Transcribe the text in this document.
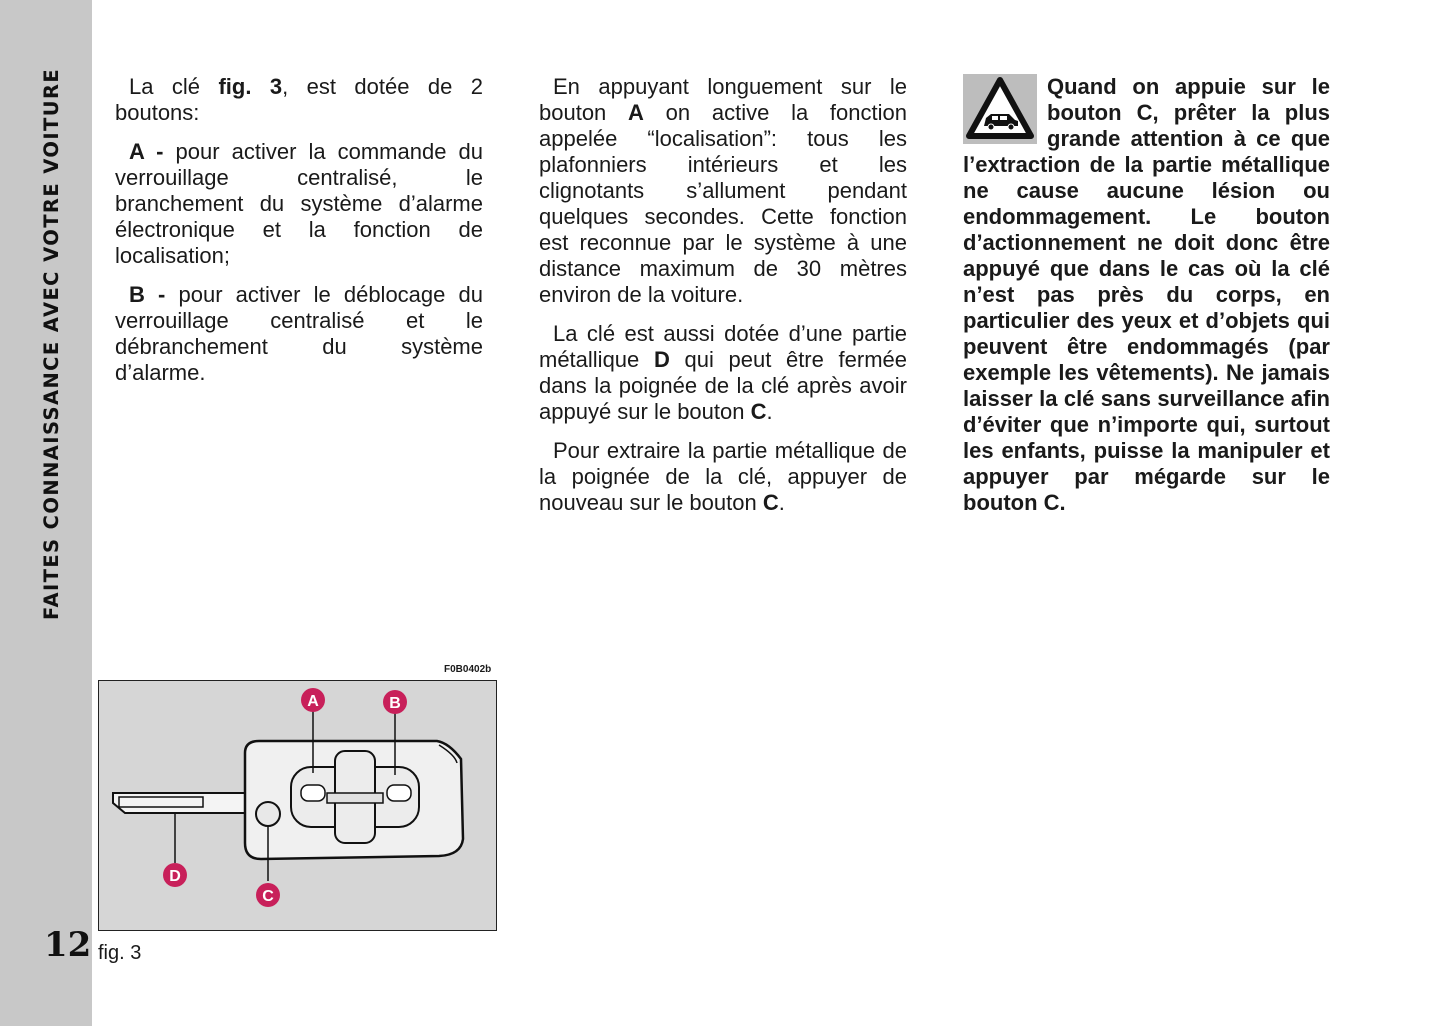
FAITES CONNAISSANCE AVEC VOTRE VOITURE
12

La clé fig. 3, est dotée de 2 boutons:

A - pour activer la commande du verrouillage centralisé, le branchement du système d’alarme électronique et la fonction de localisation;

B - pour activer le déblocage du verrouillage centralisé et le débranchement du système d’alarme.

En appuyant longuement sur le bouton A on active la fonction appelée “localisation”: tous les plafonniers intérieurs et les clignotants s’allument pendant quelques secondes. Cette fonction est reconnue par le système à une distance maximum de 30 mètres environ de la voiture.

La clé est aussi dotée d’une partie métallique D qui peut être fermée dans la poignée de la clé après avoir appuyé sur le bouton C.

Pour extraire la partie métallique de la poignée de la clé, appuyer de nouveau sur le bouton C.

Quand on appuie sur le bouton C, prêter la plus grande attention à ce que l’extraction de la partie métallique ne cause aucune lésion ou endommagement. Le bouton d’actionnement ne doit donc être appuyé que dans le cas où la clé n’est pas près du corps, en particulier des yeux et d’objets qui peuvent être endommagés (par exemple les vêtements). Ne jamais laisser la clé sans surveillance afin d’éviter que n’importe qui, surtout les enfants, puisse la manipuler et appuyer par mégarde sur le bouton C.
F0B0402b
A	B
C
D
fig. 3
